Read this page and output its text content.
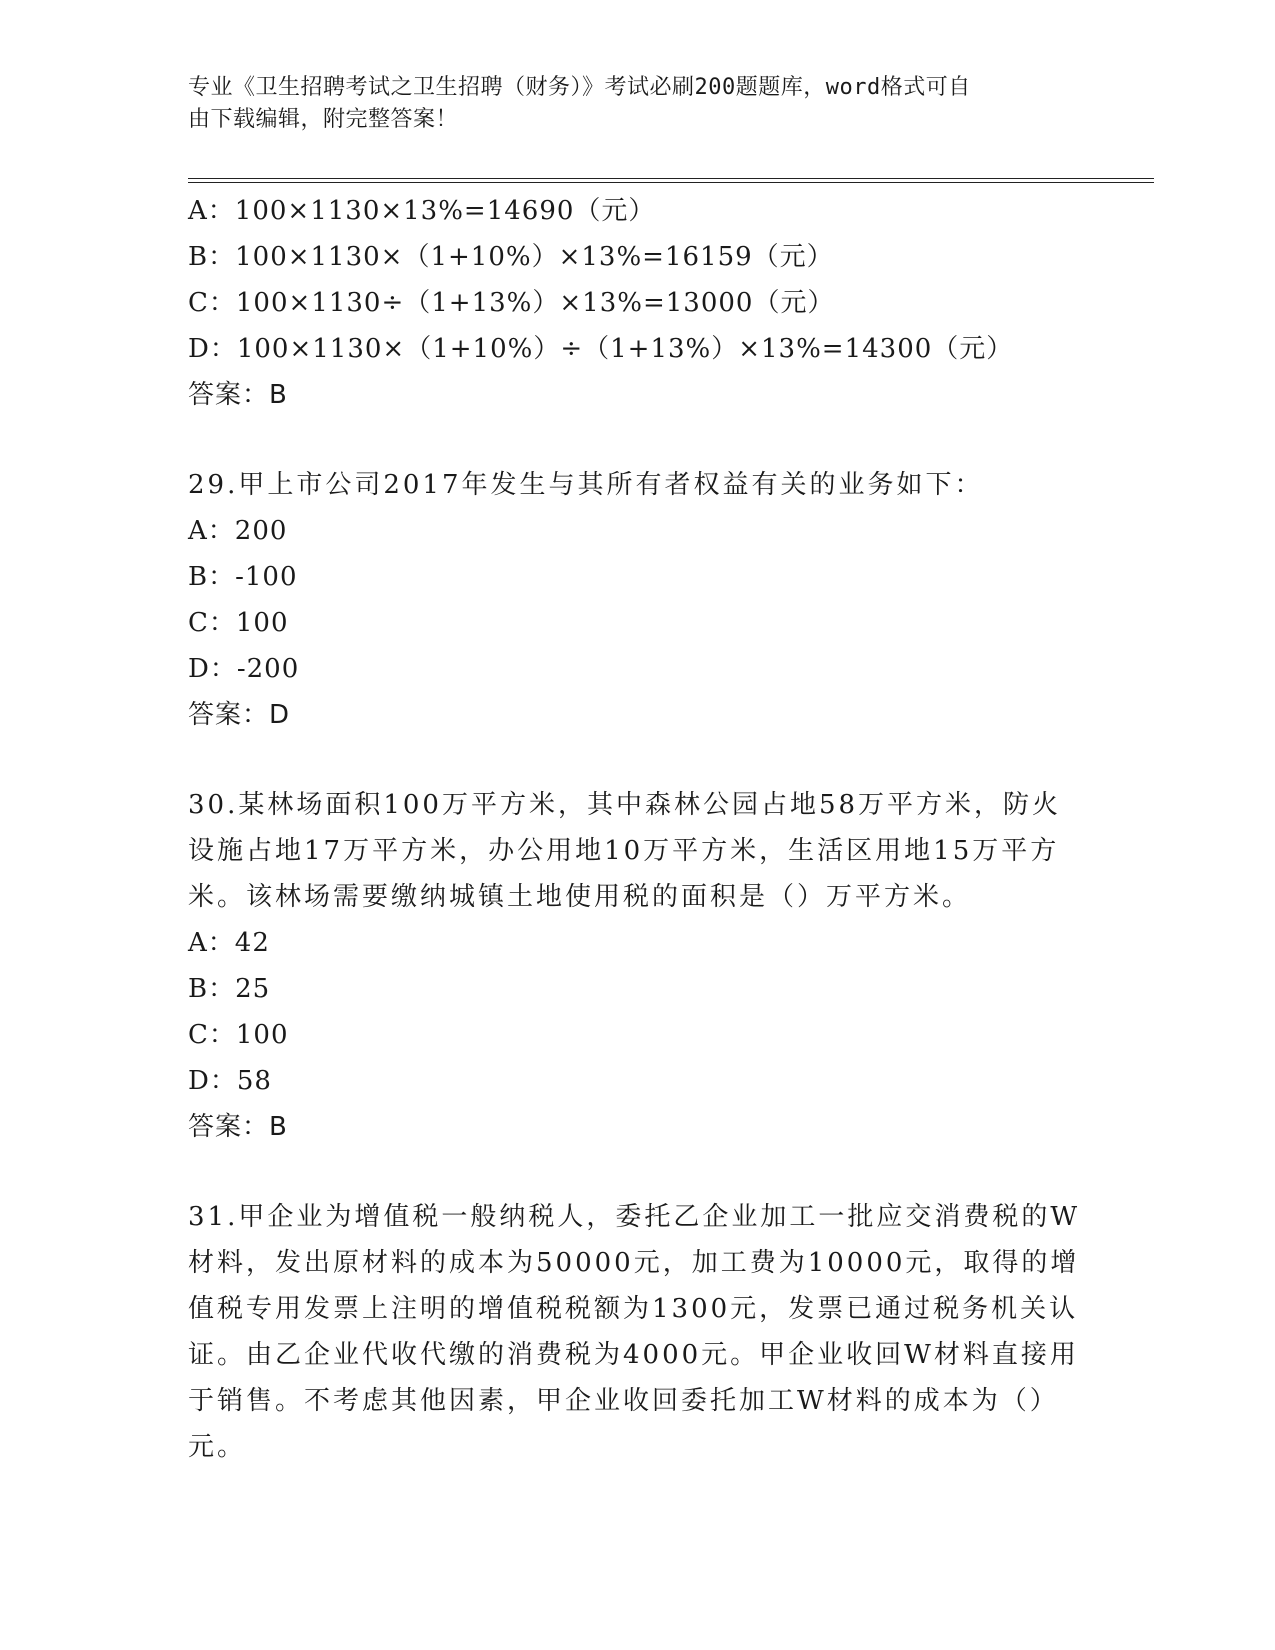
专业《卫生招聘考试之卫生招聘（财务）》考试必刷200题题库，word格式可自
由下载编辑，附完整答案！
A：100×1130×13%=14690（元）
B：100×1130×（1+10%）×13%=16159（元）
C：100×1130÷（1+13%）×13%=13000（元）
D：100×1130×（1+10%）÷（1+13%）×13%=14300（元）
答案：B
29.甲上市公司2017年发生与其所有者权益有关的业务如下：
A：200
B：-100
C：100
D：-200
答案：D
30.某林场面积100万平方米，其中森林公园占地58万平方米，防火
设施占地17万平方米，办公用地10万平方米，生活区用地15万平方
米。该林场需要缴纳城镇土地使用税的面积是（）万平方米。
A：42
B：25
C：100
D：58
答案：B
31.甲企业为增值税一般纳税人，委托乙企业加工一批应交消费税的W
材料，发出原材料的成本为50000元，加工费为10000元，取得的增
值税专用发票上注明的增值税税额为1300元，发票已通过税务机关认
证。由乙企业代收代缴的消费税为4000元。甲企业收回W材料直接用
于销售。不考虑其他因素，甲企业收回委托加工W材料的成本为（）
元。
